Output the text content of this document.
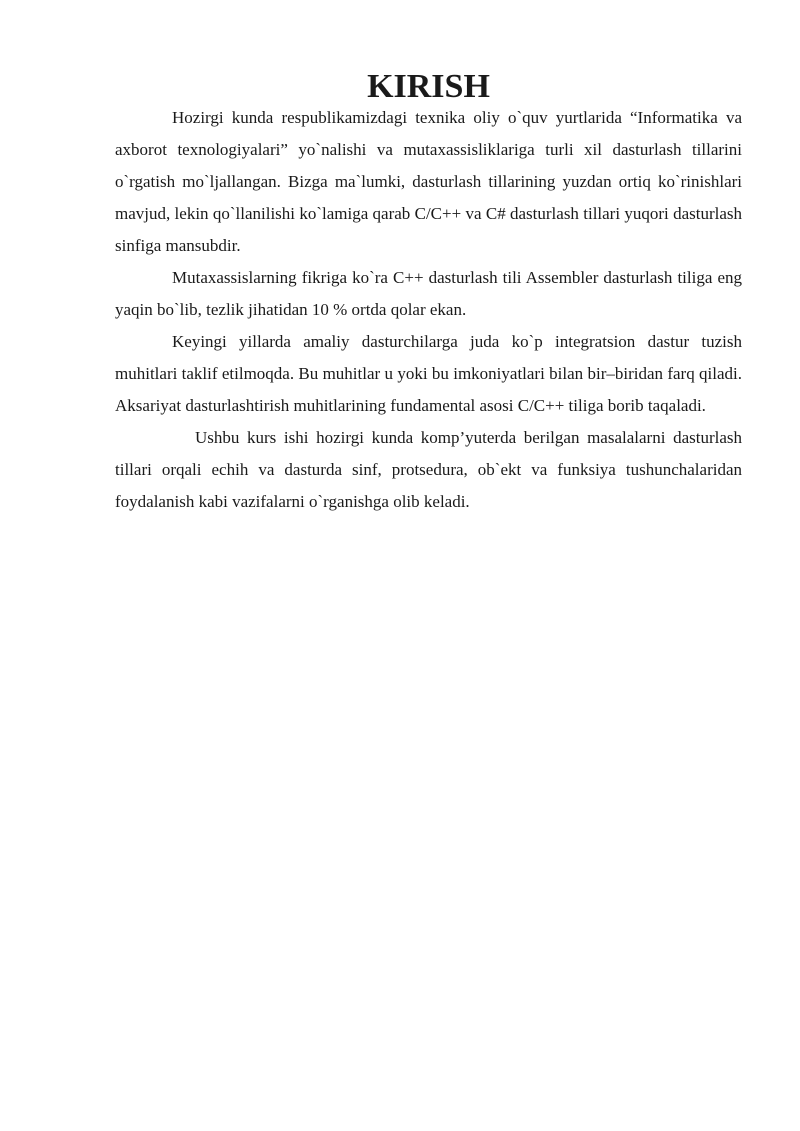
KIRISH

Hozirgi kunda respublikamizdagi texnika oliy o`quv yurtlarida “Informatika va axborot texnologiyalari” yo`nalishi va mutaxassisliklariga turli xil dasturlash tillarini o`rgatish mo`ljallangan. Bizga ma`lumki, dasturlash tillarining yuzdan ortiq ko`rinishlari mavjud, lekin qo`llanilishi ko`lamiga qarab C/C++ va C# dasturlash tillari yuqori dasturlash sinfiga mansubdir.

Mutaxassislarning fikriga ko`ra C++ dasturlash tili Assembler dasturlash tiliga eng yaqin bo`lib, tezlik jihatidan 10 % ortda qolar ekan.

Keyingi yillarda amaliy dasturchilarga juda ko`p integratsion dastur tuzish muhitlari taklif etilmoqda. Bu muhitlar u yoki bu imkoniyatlari bilan bir–biridan farq qiladi. Aksariyat dasturlashtirish muhitlarining fundamental asosi C/C++ tiliga borib taqaladi.

Ushbu kurs ishi hozirgi kunda komp’yuterda berilgan masalalarni dasturlash tillari orqali echih va dasturda sinf, protsedura, ob`ekt va funksiya tushunchalaridan foydalanish kabi vazifalarni o`rganishga olib keladi.
